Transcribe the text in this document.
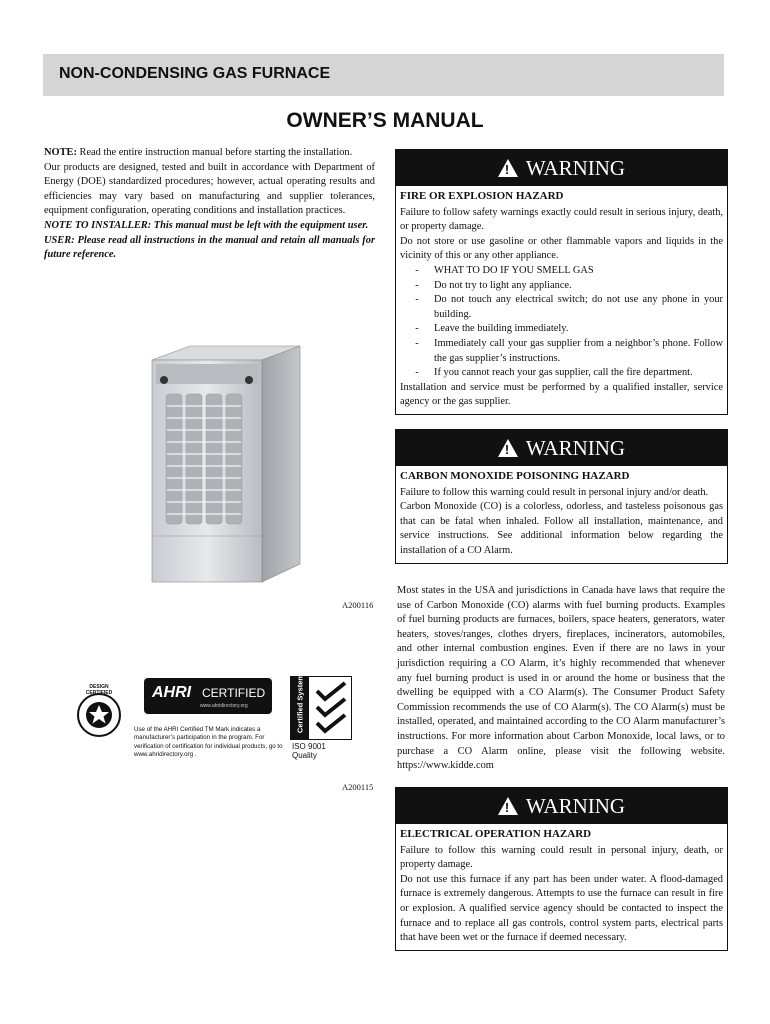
NON-CONDENSING GAS FURNACE
OWNER’S MANUAL

NOTE: Read the entire instruction manual before starting the installation.

Our products are designed, tested and built in accordance with Department of Energy (DOE) standardized procedures; however, actual operating results and efficiencies may vary based on manufacturing and supplier tolerances, equipment configuration, operating conditions and installation practices.

NOTE TO INSTALLER: This manual must be left with the equipment user.

USER: Please read all instructions in the manual and retain all manuals for future reference.

A200116
DESIGN CERTIFIED	AHRI CERTIFIED
www.ahridirectory.org
Use of the AHRI Certified TM Mark indicates a manufacturer’s participation in the program. For verification of certification for individual products, go to www.ahridirectory.org .
Certified System
ISO 9001
Quality
A200115
!
WARNING
FIRE OR EXPLOSION HAZARD

Failure to follow safety warnings exactly could result in serious injury, death, or property damage.

Do not store or use gasoline or other flammable vapors and liquids in the vicinity of this or any other appliance.

-	WHAT TO DO IF YOU SMELL GAS
-	Do not try to light any appliance.
-	Do not touch any electrical switch; do not use any phone in your building.
-	Leave the building immediately.
-	Immediately call your gas supplier from a neighbor’s phone. Follow the gas supplier’s instructions.
-	If you cannot reach your gas supplier, call the fire department.

Installation and service must be performed by a qualified installer, service agency or the gas supplier.

!
WARNING
CARBON MONOXIDE POISONING HAZARD

Failure to follow this warning could result in personal injury and/or death.

Carbon Monoxide (CO) is a colorless, odorless, and tasteless poisonous gas that can be fatal when inhaled. Follow all installation, maintenance, and service instructions. See additional information below regarding the installation of a CO Alarm.

Most states in the USA and jurisdictions in Canada have laws that require the use of Carbon Monoxide (CO) alarms with fuel burning products. Examples of fuel burning products are furnaces, boilers, space heaters, generators, water heaters, stoves/ranges, clothes dryers, fireplaces, incinerators, automobiles, and other internal combustion engines. Even if there are no laws in your jurisdiction requiring a CO Alarm, it’s highly recommended that whenever any fuel burning product is used in or around the home or business that the dwelling be equipped with a CO Alarm(s). The Consumer Product Safety Commission recommends the use of CO Alarm(s). The CO Alarm(s) must be installed, operated, and maintained according to the CO Alarm manufacturer’s instructions. For more information about Carbon Monoxide, local laws, or to purchase a CO Alarm online, please visit the following website. https://www.kidde.com
!
WARNING
ELECTRICAL OPERATION HAZARD

Failure to follow this warning could result in personal injury, death, or property damage.

Do not use this furnace if any part has been under water. A flood-damaged furnace is extremely dangerous. Attempts to use the furnace can result in fire or explosion. A qualified service agency should be contacted to inspect the furnace and to replace all gas controls, control system parts, electrical parts that have been wet or the furnace if deemed necessary.
